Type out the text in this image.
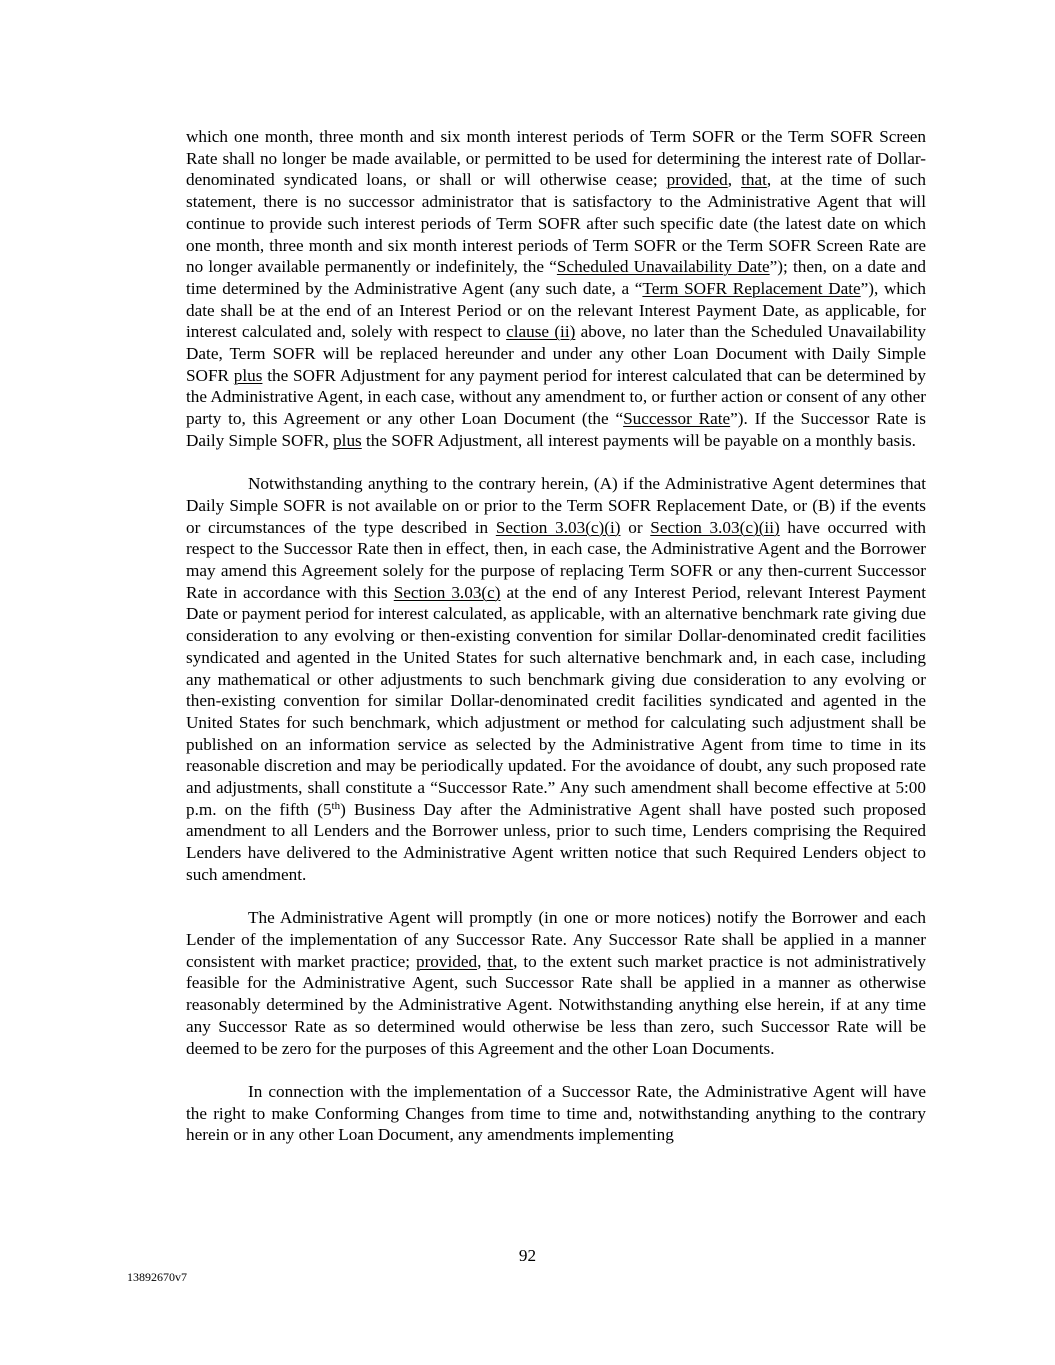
which one month, three month and six month interest periods of Term SOFR or the Term SOFR Screen Rate shall no longer be made available, or permitted to be used for determining the interest rate of Dollar-denominated syndicated loans, or shall or will otherwise cease; provided, that, at the time of such statement, there is no successor administrator that is satisfactory to the Administrative Agent that will continue to provide such interest periods of Term SOFR after such specific date (the latest date on which one month, three month and six month interest periods of Term SOFR or the Term SOFR Screen Rate are no longer available permanently or indefinitely, the “Scheduled Unavailability Date”); then, on a date and time determined by the Administrative Agent (any such date, a “Term SOFR Replacement Date”), which date shall be at the end of an Interest Period or on the relevant Interest Payment Date, as applicable, for interest calculated and, solely with respect to clause (ii) above, no later than the Scheduled Unavailability Date, Term SOFR will be replaced hereunder and under any other Loan Document with Daily Simple SOFR plus the SOFR Adjustment for any payment period for interest calculated that can be determined by the Administrative Agent, in each case, without any amendment to, or further action or consent of any other party to, this Agreement or any other Loan Document (the “Successor Rate”). If the Successor Rate is Daily Simple SOFR, plus the SOFR Adjustment, all interest payments will be payable on a monthly basis.

Notwithstanding anything to the contrary herein, (A) if the Administrative Agent determines that Daily Simple SOFR is not available on or prior to the Term SOFR Replacement Date, or (B) if the events or circumstances of the type described in Section 3.03(c)(i) or Section 3.03(c)(ii) have occurred with respect to the Successor Rate then in effect, then, in each case, the Administrative Agent and the Borrower may amend this Agreement solely for the purpose of replacing Term SOFR or any then-current Successor Rate in accordance with this Section 3.03(c) at the end of any Interest Period, relevant Interest Payment Date or payment period for interest calculated, as applicable, with an alternative benchmark rate giving due consideration to any evolving or then-existing convention for similar Dollar-denominated credit facilities syndicated and agented in the United States for such alternative benchmark and, in each case, including any mathematical or other adjustments to such benchmark giving due consideration to any evolving or then-existing convention for similar Dollar-denominated credit facilities syndicated and agented in the United States for such benchmark, which adjustment or method for calculating such adjustment shall be published on an information service as selected by the Administrative Agent from time to time in its reasonable discretion and may be periodically updated. For the avoidance of doubt, any such proposed rate and adjustments, shall constitute a “Successor Rate.” Any such amendment shall become effective at 5:00 p.m. on the fifth (5th) Business Day after the Administrative Agent shall have posted such proposed amendment to all Lenders and the Borrower unless, prior to such time, Lenders comprising the Required Lenders have delivered to the Administrative Agent written notice that such Required Lenders object to such amendment.

The Administrative Agent will promptly (in one or more notices) notify the Borrower and each Lender of the implementation of any Successor Rate. Any Successor Rate shall be applied in a manner consistent with market practice; provided, that, to the extent such market practice is not administratively feasible for the Administrative Agent, such Successor Rate shall be applied in a manner as otherwise reasonably determined by the Administrative Agent. Notwithstanding anything else herein, if at any time any Successor Rate as so determined would otherwise be less than zero, such Successor Rate will be deemed to be zero for the purposes of this Agreement and the other Loan Documents.

In connection with the implementation of a Successor Rate, the Administrative Agent will have the right to make Conforming Changes from time to time and, notwithstanding anything to the contrary herein or in any other Loan Document, any amendments implementing

92
13892670v7
